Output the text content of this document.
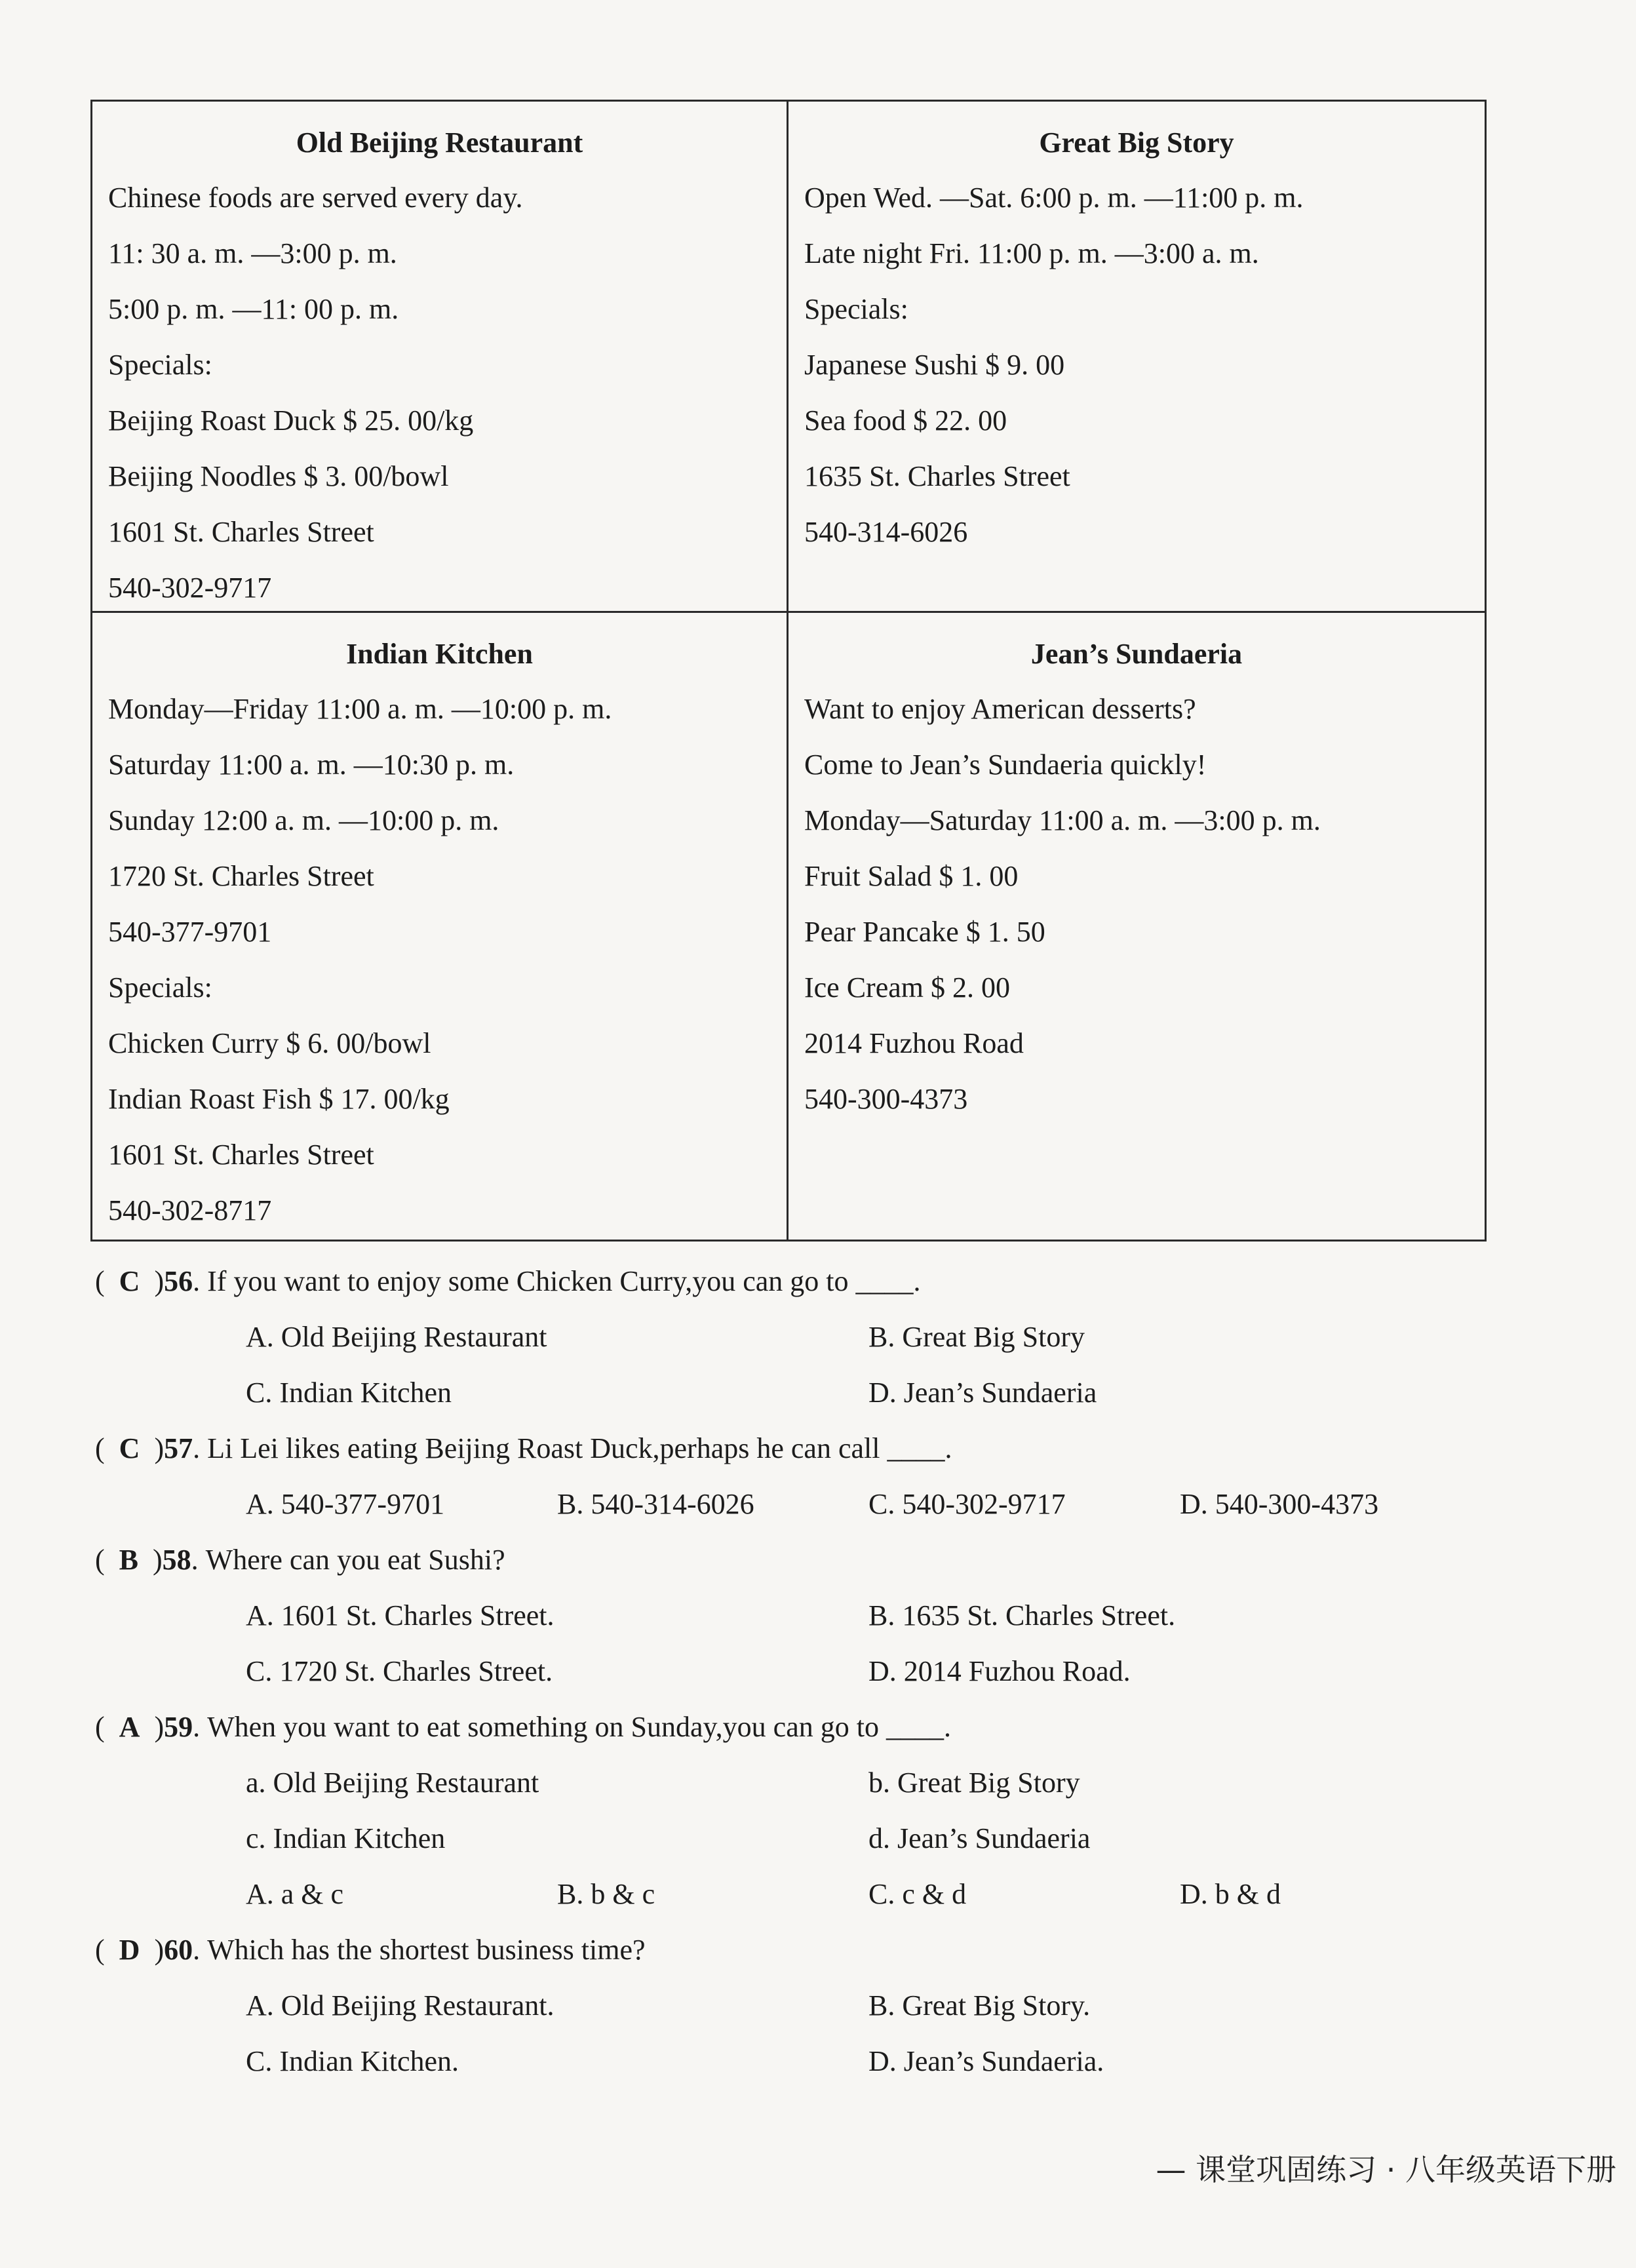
Old Beijing Restaurant
Chinese foods are served every day.
11: 30 a. m. —3:00 p. m.
5:00 p. m. —11: 00 p. m.
Specials:
Beijing Roast Duck $ 25. 00/kg
Beijing Noodles $ 3. 00/bowl
1601 St. Charles Street
540-302-9717
Great Big Story
Open Wed. —Sat. 6:00 p. m. —11:00 p. m.
Late night Fri. 11:00 p. m. —3:00 a. m.
Specials:
Japanese Sushi $ 9. 00
Sea food $ 22. 00
1635 St. Charles Street
540-314-6026
Indian Kitchen
Monday—Friday 11:00 a. m. —10:00 p. m.
Saturday 11:00 a. m. —10:30 p. m.
Sunday 12:00 a. m. —10:00 p. m.
1720 St. Charles Street
540-377-9701
Specials:
Chicken Curry $ 6. 00/bowl
Indian Roast Fish $ 17. 00/kg
1601 St. Charles Street
540-302-8717
Jean’s Sundaeria
Want to enjoy American desserts?
Come to Jean’s Sundaeria quickly!
Monday—Saturday 11:00 a. m. —3:00 p. m.
Fruit Salad $ 1. 00
Pear Pancake $ 1. 50
Ice Cream $ 2. 00
2014 Fuzhou Road
540-300-4373
(  C  )56. If you want to enjoy some Chicken Curry,you can go to ____.
A. Old Beijing Restaurant	B. Great Big Story
C. Indian Kitchen	D. Jean’s Sundaeria
(  C  )57. Li Lei likes eating Beijing Roast Duck,perhaps he can call ____.
A. 540-377-9701	B. 540-314-6026	C. 540-302-9717	D. 540-300-4373
(  B  )58. Where can you eat Sushi?
A. 1601 St. Charles Street.	B. 1635 St. Charles Street.
C. 1720 St. Charles Street.	D. 2014 Fuzhou Road.
(  A  )59. When you want to eat something on Sunday,you can go to ____.
a. Old Beijing Restaurant	b. Great Big Story
c. Indian Kitchen	d. Jean’s Sundaeria
A. a & c	B. b & c	C. c & d	D. b & d
(  D  )60. Which has the shortest business time?
A. Old Beijing Restaurant.	B. Great Big Story.
C. Indian Kitchen.	D. Jean’s Sundaeria.
— 课堂巩固练习 · 八年级英语下册
